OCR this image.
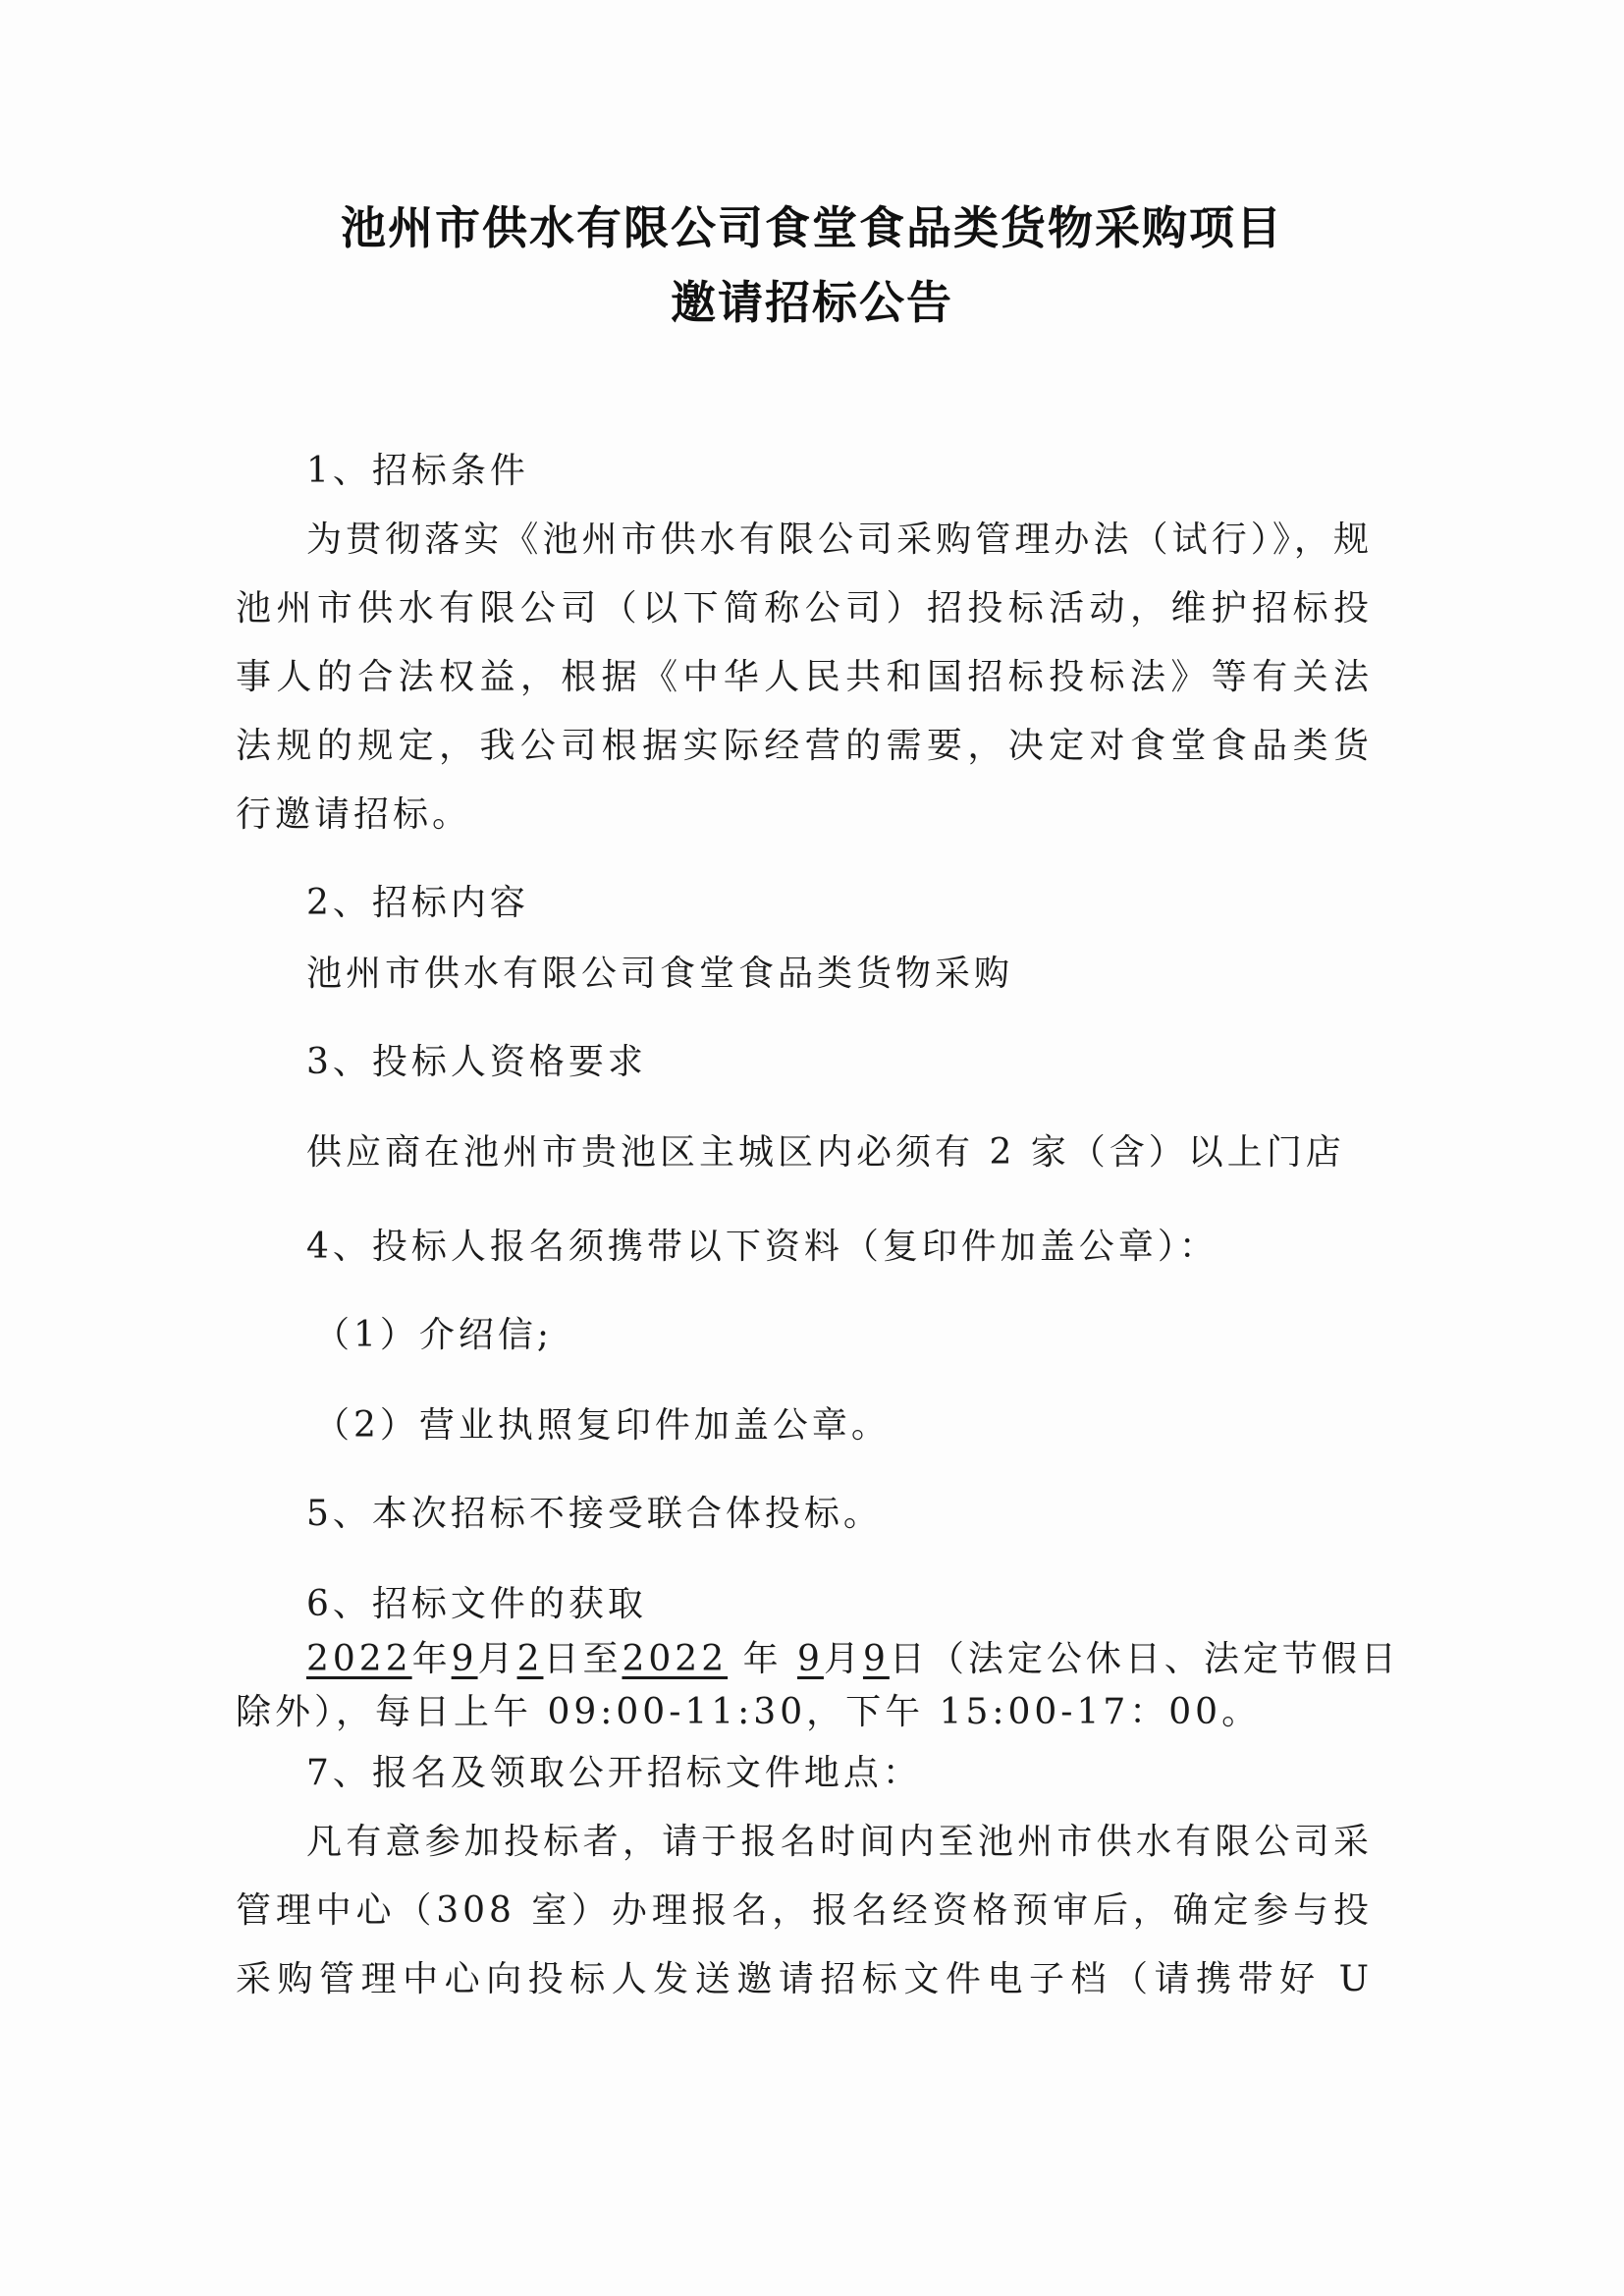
池州市供水有限公司食堂食品类货物采购项目
邀请招标公告
1、招标条件
为贯彻落实《池州市供水有限公司采购管理办法（试行）》，规
池州市供水有限公司（以下简称公司）招投标活动，维护招标投
事人的合法权益，根据《中华人民共和国招标投标法》等有关法
法规的规定，我公司根据实际经营的需要，决定对食堂食品类货
行邀请招标。
2、招标内容
池州市供水有限公司食堂食品类货物采购
3、投标人资格要求
供应商在池州市贵池区主城区内必须有 2 家（含）以上门店
4、投标人报名须携带以下资料（复印件加盖公章）：
（1）介绍信;
（2）营业执照复印件加盖公章。
5、本次招标不接受联合体投标。
6、招标文件的获取
2022年9月2日至2022 年 9月9日（法定公休日、法定节假日
除外），每日上午 09:00-11:30，下午 15:00-17：00。
7、报名及领取公开招标文件地点：
凡有意参加投标者，请于报名时间内至池州市供水有限公司采
管理中心（308 室）办理报名，报名经资格预审后，确定参与投
采购管理中心向投标人发送邀请招标文件电子档（请携带好 U
